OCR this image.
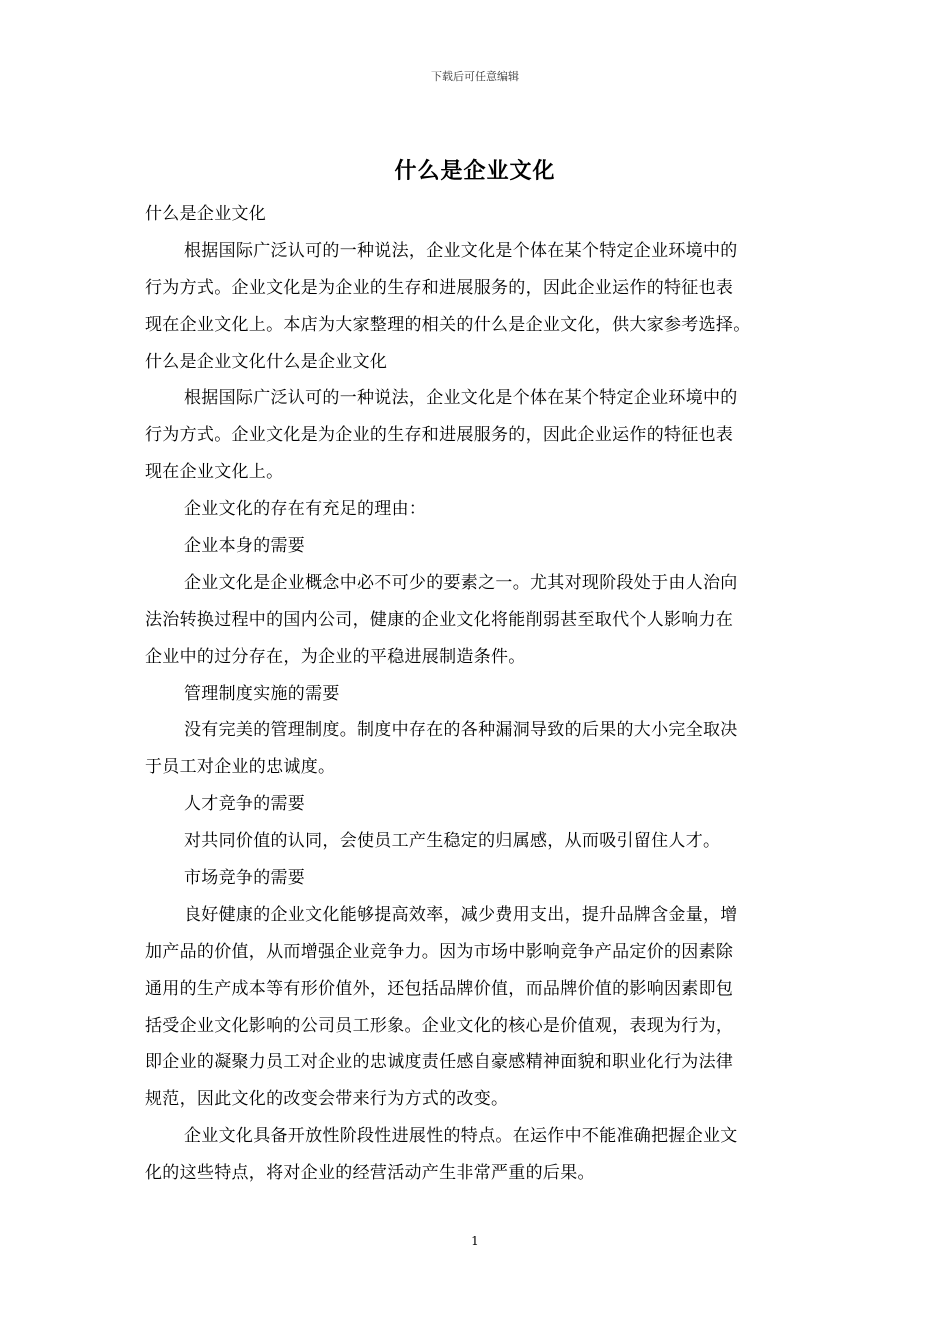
下载后可任意编辑
什么是企业文化
什么是企业文化
根据国际广泛认可的一种说法，企业文化是个体在某个特定企业环境中的
行为方式。企业文化是为企业的生存和进展服务的，因此企业运作的特征也表
现在企业文化上。本店为大家整理的相关的什么是企业文化，供大家参考选择。
什么是企业文化什么是企业文化
根据国际广泛认可的一种说法，企业文化是个体在某个特定企业环境中的
行为方式。企业文化是为企业的生存和进展服务的，因此企业运作的特征也表
现在企业文化上。
企业文化的存在有充足的理由：
企业本身的需要
企业文化是企业概念中必不可少的要素之一。尤其对现阶段处于由人治向
法治转换过程中的国内公司，健康的企业文化将能削弱甚至取代个人影响力在
企业中的过分存在，为企业的平稳进展制造条件。
管理制度实施的需要
没有完美的管理制度。制度中存在的各种漏洞导致的后果的大小完全取决
于员工对企业的忠诚度。
人才竞争的需要
对共同价值的认同，会使员工产生稳定的归属感，从而吸引留住人才。
市场竞争的需要
良好健康的企业文化能够提高效率，减少费用支出，提升品牌含金量，增
加产品的价值，从而增强企业竞争力。因为市场中影响竞争产品定价的因素除
通用的生产成本等有形价值外，还包括品牌价值，而品牌价值的影响因素即包
括受企业文化影响的公司员工形象。企业文化的核心是价值观，表现为行为，
即企业的凝聚力员工对企业的忠诚度责任感自豪感精神面貌和职业化行为法律
规范，因此文化的改变会带来行为方式的改变。
企业文化具备开放性阶段性进展性的特点。在运作中不能准确把握企业文
化的这些特点，将对企业的经营活动产生非常严重的后果。
1
